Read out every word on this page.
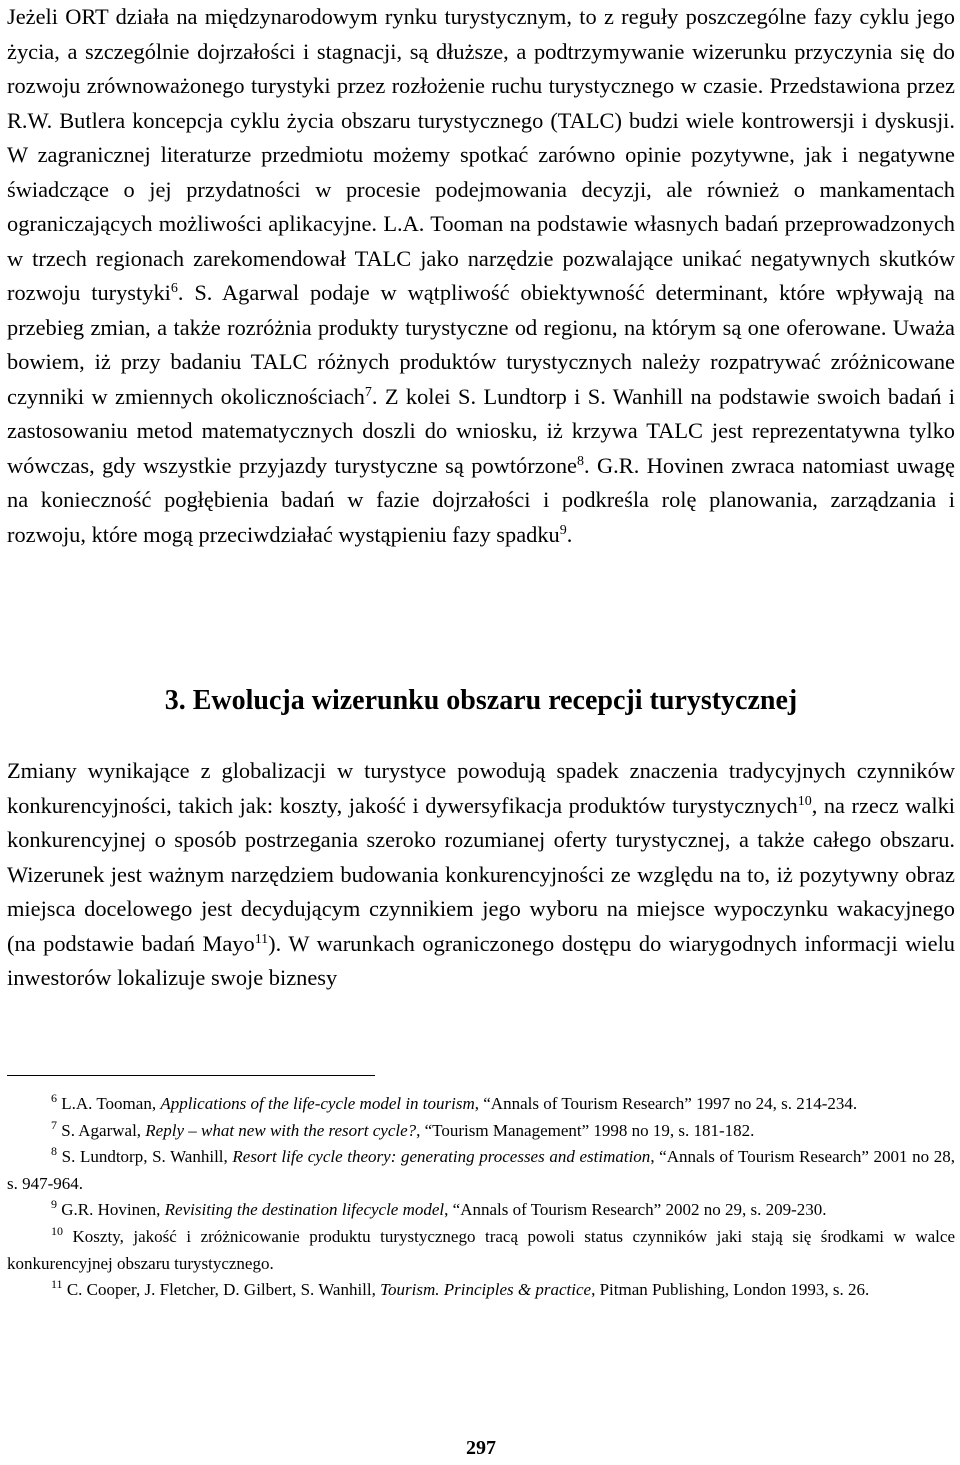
Jeżeli ORT działa na międzynarodowym rynku turystycznym, to z reguły poszczególne fazy cyklu jego życia, a szczególnie dojrzałości i stagnacji, są dłuższe, a podtrzymywanie wizerunku przyczynia się do rozwoju zrównoważonego turystyki przez rozłożenie ruchu turystycznego w czasie. Przedstawiona przez R.W. Butlera koncepcja cyklu życia obszaru turystycznego (TALC) budzi wiele kontrowersji i dyskusji. W zagranicznej literaturze przedmiotu możemy spotkać zarówno opinie pozytywne, jak i negatywne świadczące o jej przydatności w procesie podejmowania decyzji, ale również o mankamentach ograniczających możliwości aplikacyjne. L.A. Tooman na podstawie własnych badań przeprowadzonych w trzech regionach zarekomendował TALC jako narzędzie pozwalające unikać negatywnych skutków rozwoju turystyki$^6$. S. Agarwal podaje w wątpliwość obiektywność determinant, które wpływają na przebieg zmian, a także rozróżnia produkty turystyczne od regionu, na którym są one oferowane. Uważa bowiem, iż przy badaniu TALC różnych produktów turystycznych należy rozpatrywać zróżnicowane czynniki w zmiennych okolicznościach$^7$. Z kolei S. Lundtorp i S. Wanhill na podstawie swoich badań i zastosowaniu metod matematycznych doszli do wniosku, iż krzywa TALC jest reprezentatywna tylko wówczas, gdy wszystkie przyjazdy turystyczne są powtórzone$^8$. G.R. Hovinen zwraca natomiast uwagę na konieczność pogłębienia badań w fazie dojrzałości i podkreśla rolę planowania, zarządzania i rozwoju, które mogą przeciwdziałać wystąpieniu fazy spadku$^9$.

3. Ewolucja wizerunku obszaru recepcji turystycznej

Zmiany wynikające z globalizacji w turystyce powodują spadek znaczenia tradycyjnych czynników konkurencyjności, takich jak: koszty, jakość i dywersyfikacja produktów turystycznych$^{10}$, na rzecz walki konkurencyjnej o sposób postrzegania szeroko rozumianej oferty turystycznej, a także całego obszaru. Wizerunek jest ważnym narzędziem budowania konkurencyjności ze względu na to, iż pozytywny obraz miejsca docelowego jest decydującym czynnikiem jego wyboru na miejsce wypoczynku wakacyjnego (na podstawie badań Mayo$^{11}$). W warunkach ograniczonego dostępu do wiarygodnych informacji wielu inwestorów lokalizuje swoje biznesy

$^6$ L.A. Tooman, Applications of the life-cycle model in tourism, “Annals of Tourism Research” 1997 no 24, s. 214-234.

$^7$ S. Agarwal, Reply – what new with the resort cycle?, “Tourism Management” 1998 no 19, s. 181-182.

$^8$ S. Lundtorp, S. Wanhill, Resort life cycle theory: generating processes and estimation, “Annals of Tourism Research” 2001 no 28, s. 947-964.

$^9$ G.R. Hovinen, Revisiting the destination lifecycle model, “Annals of Tourism Research” 2002 no 29, s. 209-230.

$^{10}$ Koszty, jakość i zróżnicowanie produktu turystycznego tracą powoli status czynników jaki stają się środkami w walce konkurencyjnej obszaru turystycznego.

$^{11}$ C. Cooper, J. Fletcher, D. Gilbert, S. Wanhill, Tourism. Principles & practice, Pitman Publishing, London 1993, s. 26.

297
